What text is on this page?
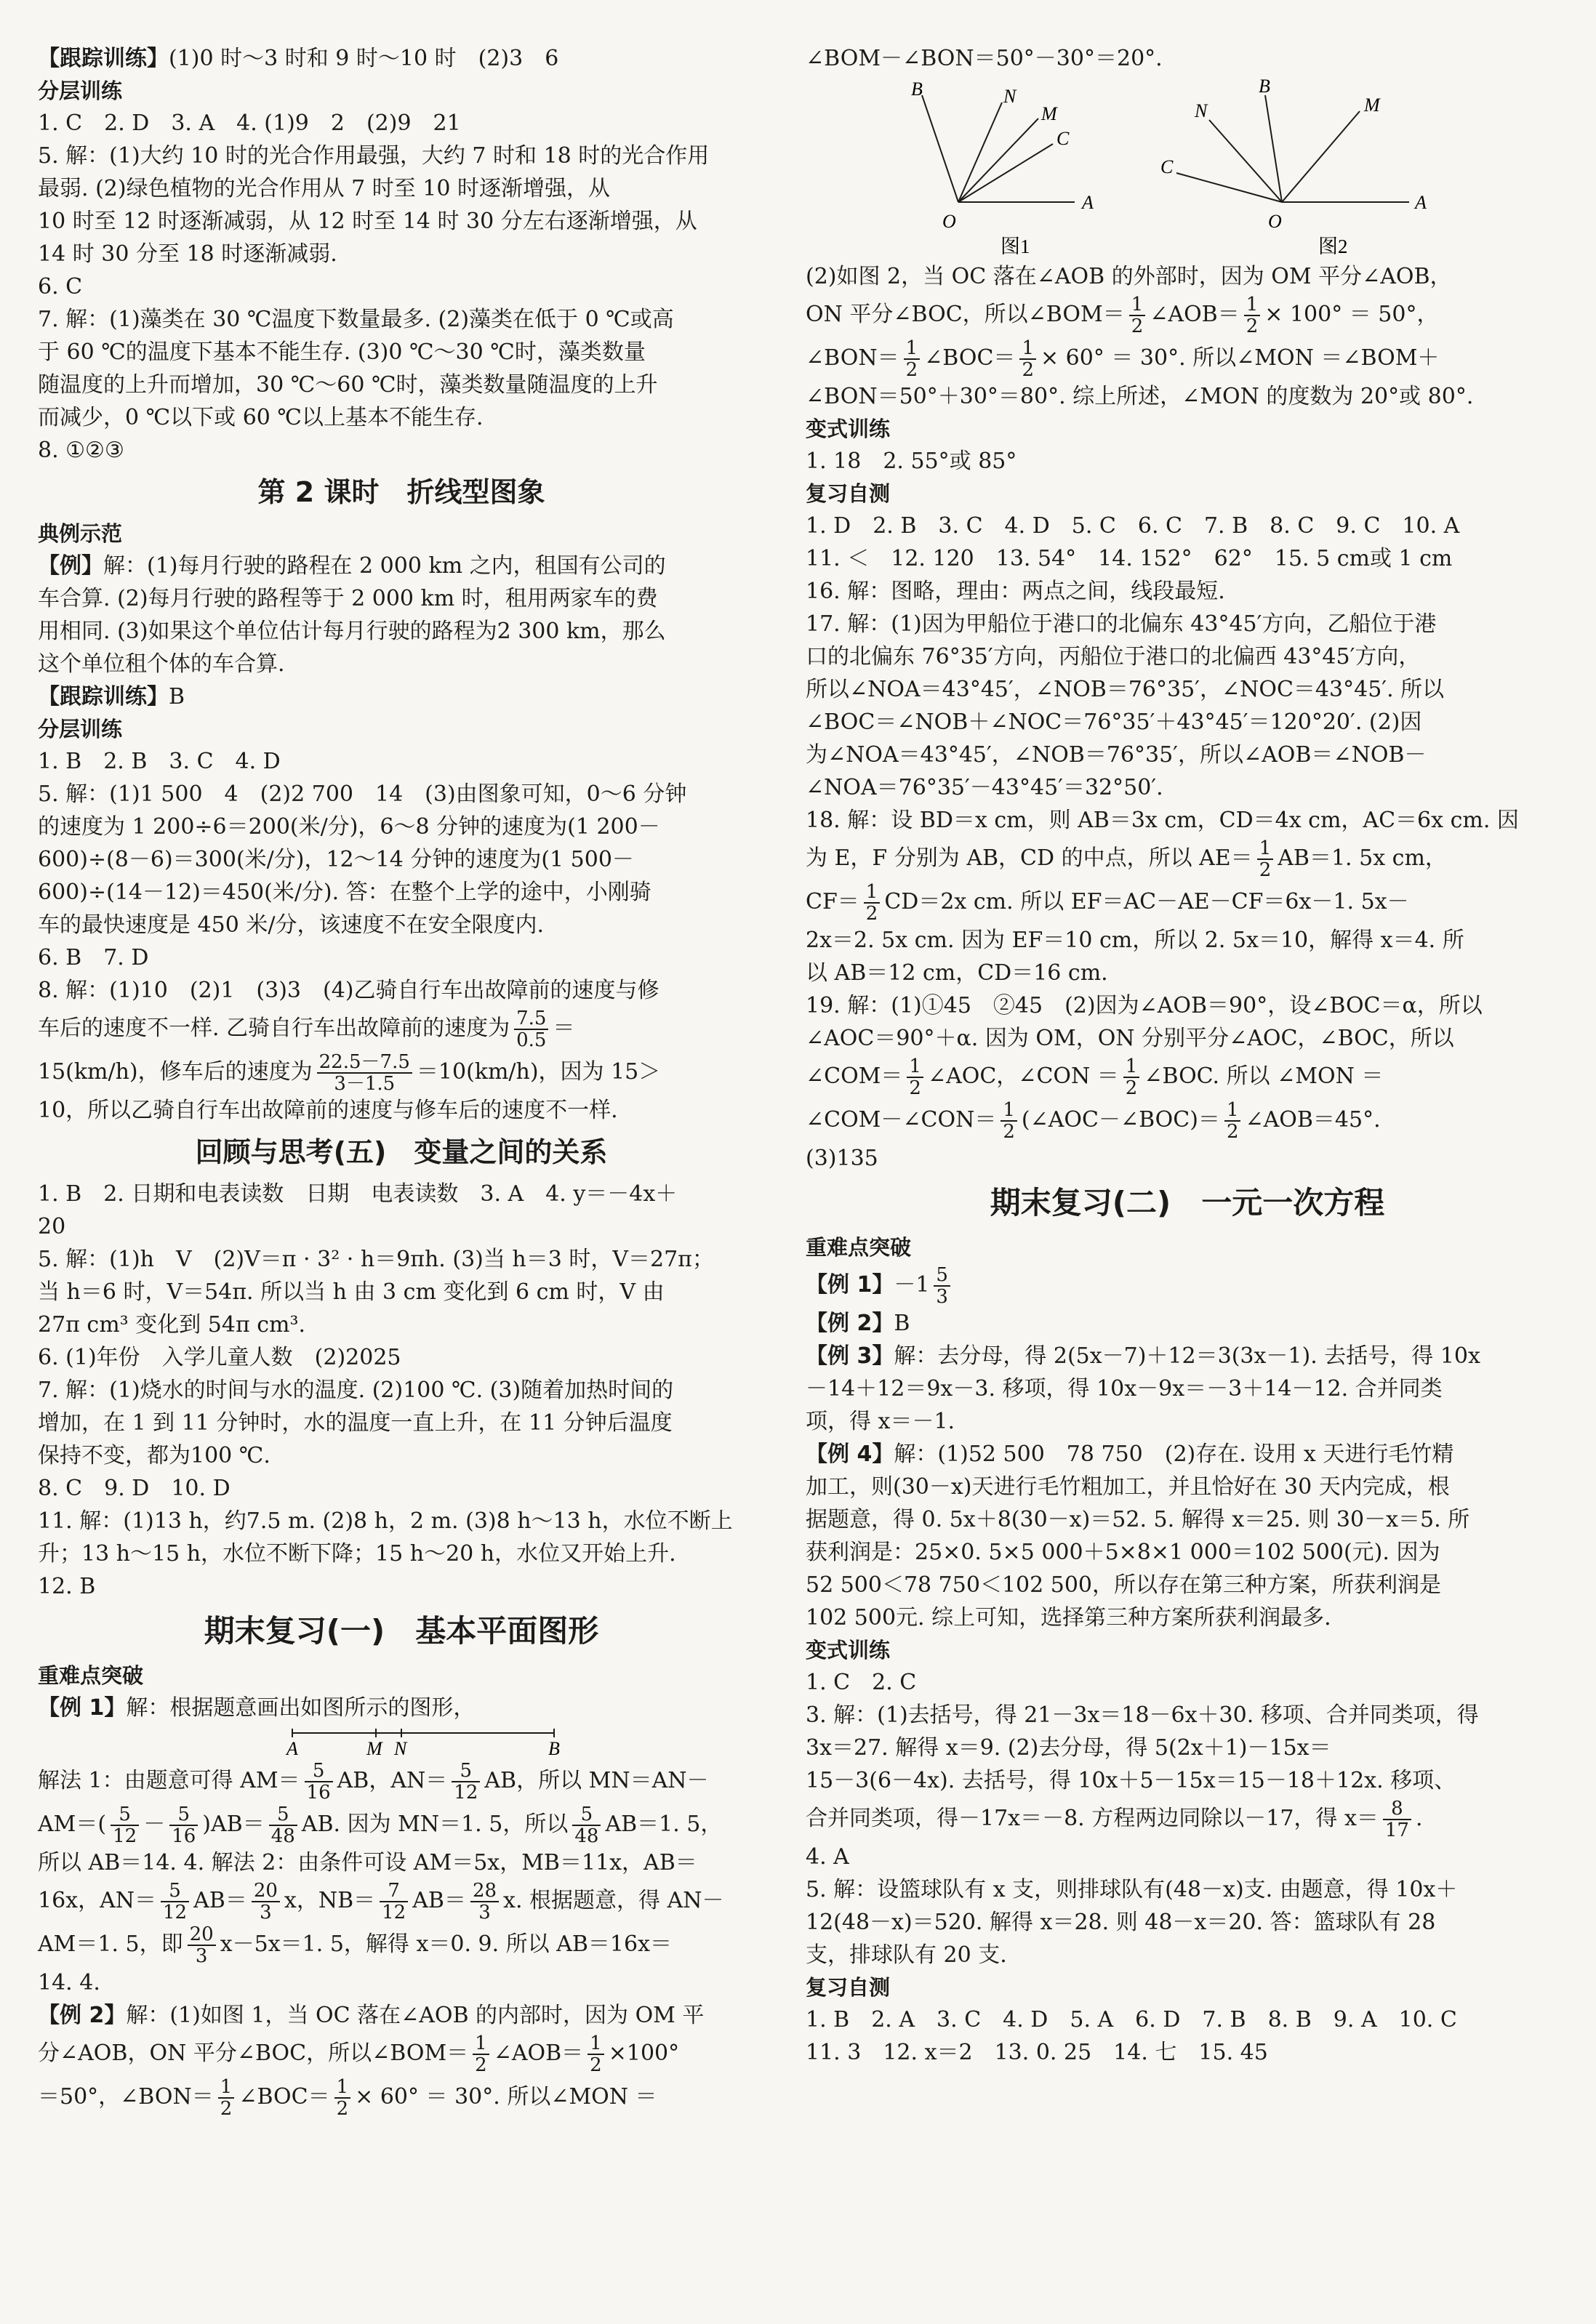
【跟踪训练】(1)0 时～3 时和 9 时～10 时　(2)3　6
分层训练
1. C　2. D　3. A　4. (1)9　2　(2)9　21
5. 解：(1)大约 10 时的光合作用最强，大约 7 时和 18 时的光合作用
最弱. (2)绿色植物的光合作用从 7 时至 10 时逐渐增强，从
10 时至 12 时逐渐减弱，从 12 时至 14 时 30 分左右逐渐增强，从
14 时 30 分至 18 时逐渐减弱.
6. C
7. 解：(1)藻类在 30 ℃温度下数量最多. (2)藻类在低于 0 ℃或高
于 60 ℃的温度下基本不能生存. (3)0 ℃～30 ℃时，藻类数量
随温度的上升而增加，30 ℃～60 ℃时，藻类数量随温度的上升
而减少，0 ℃以下或 60 ℃以上基本不能生存.
8. ①②③
第 2 课时　折线型图象
典例示范
【例】解：(1)每月行驶的路程在 2 000 km 之内，租国有公司的
车合算. (2)每月行驶的路程等于 2 000 km 时，租用两家车的费
用相同. (3)如果这个单位估计每月行驶的路程为2 300 km，那么
这个单位租个体的车合算.
【跟踪训练】B
分层训练
1. B　2. B　3. C　4. D
5. 解：(1)1 500　4　(2)2 700　14　(3)由图象可知，0～6 分钟
的速度为 1 200÷6＝200(米/分)，6～8 分钟的速度为(1 200－
600)÷(8－6)＝300(米/分)，12～14 分钟的速度为(1 500－
600)÷(14－12)＝450(米/分). 答：在整个上学的途中，小刚骑
车的最快速度是 450 米/分，该速度不在安全限度内.
6. B　7. D
8. 解：(1)10　(2)1　(3)3　(4)乙骑自行车出故障前的速度与修
车后的速度不一样. 乙骑自行车出故障前的速度为 $\frac{7.5}{0.5}$ ＝
15(km/h)，修车后的速度为 $\frac{22.5-7.5}{3-1.5} =10(km/h)$，因为 15＞
10，所以乙骑自行车出故障前的速度与修车后的速度不一样.
回顾与思考(五)　变量之间的关系
1. B　2. 日期和电表读数　日期　电表读数　3. A　4. y＝－4x＋
20
5. 解：(1)h　V　(2)V＝π · 3² · h＝9πh. (3)当 h＝3 时，V＝27π；
当 h＝6 时，V＝54π. 所以当 h 由 3 cm 变化到 6 cm 时，V 由
27π cm³ 变化到 54π cm³.
6. (1)年份　入学儿童人数　(2)2025
7. 解：(1)烧水的时间与水的温度. (2)100 ℃. (3)随着加热时间的
增加，在 1 到 11 分钟时，水的温度一直上升，在 11 分钟后温度
保持不变，都为100 ℃.
8. C　9. D　10. D
11. 解：(1)13 h，约7.5 m. (2)8 h，2 m. (3)8 h～13 h，水位不断上
升；13 h～15 h，水位不断下降；15 h～20 h，水位又开始上升.
12. B
期末复习(一)　基本平面图形
重难点突破
【例 1】解：根据题意画出如图所示的图形，
A	M N	B
解法 1：由题意可得 $AM= \frac{5}{16}$ AB，$AN= \frac{5}{12}$ AB，所以 MN＝AN－
$AM=( \frac{5}{12} - \frac{5}{16} )AB= \frac{5}{48}$ AB. 因为 MN＝1. 5，所以 $\frac{5}{48} AB=1$. 5，
所以 AB＝14. 4. 解法 2：由条件可设 AM＝5x，MB＝11x，AB＝
16x，$AN= \frac{5}{12} AB= \frac{20}{3}$ x，$NB= \frac{7}{12} AB= \frac{28}{3} x$. 根据题意，得 AN－
AM＝1. 5，即 $\frac{20}{3} x-5x=1$. 5，解得 x＝0. 9. 所以 AB＝16x＝
14. 4.
【例 2】解：(1)如图 1，当 OC 落在∠AOB 的内部时，因为 OM 平
分∠AOB，ON 平分∠BOC，所以∠BOM＝ $\frac{1}{2}$ ∠AOB＝ $\frac{1}{2} \times 100^\circ$
＝50°，∠BON＝ $\frac{1}{2}$ ∠BOC＝ $\frac{1}{2} \times 60^\circ = 30^\circ$. 所以∠MON ＝
∠BOM－∠BON＝50°－30°＝20°.
B	N
M
C
O
A
图1
N
B
M
C
O
A
图2
(2)如图 2，当 OC 落在∠AOB 的外部时，因为 OM 平分∠AOB，
ON 平分∠BOC，所以∠BOM＝ $\frac{1}{2}$ ∠AOB＝ $\frac{1}{2} \times 100^\circ = 50^\circ$，
∠BON＝ $\frac{1}{2}$ ∠BOC＝ $\frac{1}{2} \times 60^\circ = 30^\circ$. 所以∠MON ＝∠BOM＋
∠BON＝50°＋30°＝80°. 综上所述，∠MON 的度数为 20°或 80°.
变式训练
1. 18　2. 55°或 85°
复习自测
1. D　2. B　3. C　4. D　5. C　6. C　7. B　8. C　9. C　10. A
11. ＜　12. 120　13. 54°　14. 152°　62°　15. 5 cm或 1 cm
16. 解：图略，理由：两点之间，线段最短.
17. 解：(1)因为甲船位于港口的北偏东 43°45′方向，乙船位于港
口的北偏东 76°35′方向，丙船位于港口的北偏西 43°45′方向，
所以∠NOA＝43°45′，∠NOB＝76°35′，∠NOC＝43°45′. 所以
∠BOC＝∠NOB＋∠NOC＝76°35′＋43°45′＝120°20′. (2)因
为∠NOA＝43°45′，∠NOB＝76°35′，所以∠AOB＝∠NOB－
∠NOA＝76°35′－43°45′＝32°50′.
18. 解：设 BD＝x cm，则 AB＝3x cm，CD＝4x cm，AC＝6x cm. 因
为 E，F 分别为 AB，CD 的中点，所以 $AE= \frac{1}{2} AB=1$. 5x cm，
$CF= \frac{1}{2} CD=2x$ cm. 所以 EF＝AC－AE－CF＝6x－1. 5x－
2x＝2. 5x cm. 因为 EF＝10 cm，所以 2. 5x＝10，解得 x＝4. 所
以 AB＝12 cm，CD＝16 cm.
19. 解：(1)①45　②45　(2)因为∠AOB＝90°，设∠BOC＝α，所以
∠AOC＝90°＋α. 因为 OM，ON 分别平分∠AOC，∠BOC，所以
∠COM＝ $\frac{1}{2}$ ∠AOC，∠CON ＝ $\frac{1}{2}$ ∠BOC. 所以 ∠MON ＝
∠COM－∠CON＝ $\frac{1}{2}$ (∠AOC－∠BOC)＝ $\frac{1}{2}$ ∠AOB＝45°.
(3)135
期末复习(二)　一元一次方程
重难点突破
【例 1】$-1 \frac{5}{3}$
【例 2】B
【例 3】解：去分母，得 2(5x－7)＋12＝3(3x－1). 去括号，得 10x
－14＋12＝9x－3. 移项，得 10x－9x＝－3＋14－12. 合并同类
项，得 x＝－1.
【例 4】解：(1)52 500　78 750　(2)存在. 设用 x 天进行毛竹精
加工，则(30－x)天进行毛竹粗加工，并且恰好在 30 天内完成，根
据题意，得 0. 5x＋8(30－x)＝52. 5. 解得 x＝25. 则 30－x＝5. 所
获利润是：25×0. 5×5 000＋5×8×1 000＝102 500(元). 因为
52 500＜78 750＜102 500，所以存在第三种方案，所获利润是
102 500元. 综上可知，选择第三种方案所获利润最多.
变式训练
1. C　2. C
3. 解：(1)去括号，得 21－3x＝18－6x＋30. 移项、合并同类项，得
3x＝27. 解得 x＝9. (2)去分母，得 5(2x＋1)－15x＝
15－3(6－4x). 去括号，得 10x＋5－15x＝15－18＋12x. 移项、
合并同类项，得－17x＝－8. 方程两边同除以－17，得 $x= \frac{8}{17}$ .
4. A
5. 解：设篮球队有 x 支，则排球队有(48－x)支. 由题意，得 10x＋
12(48－x)＝520. 解得 x＝28. 则 48－x＝20. 答：篮球队有 28
支，排球队有 20 支.
复习自测
1. B　2. A　3. C　4. D　5. A　6. D　7. B　8. B　9. A　10. C
11. 3　12. x＝2　13. 0. 25　14. 七　15. 45
